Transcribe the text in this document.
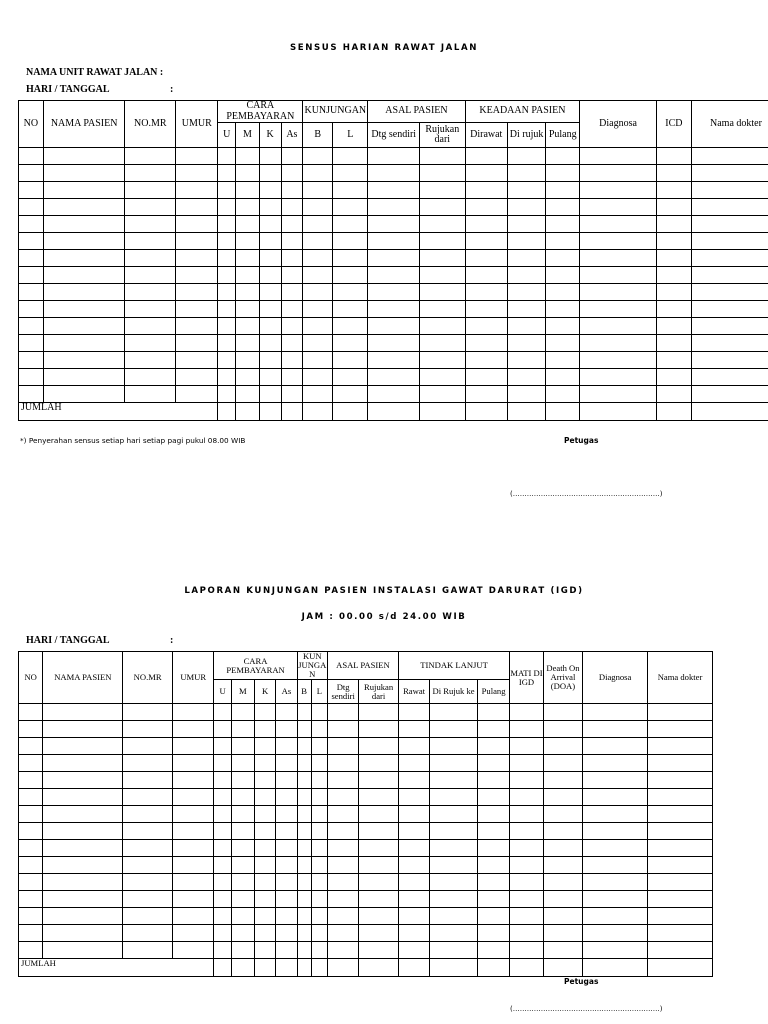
SENSUS HARIAN RAWAT JALAN
NAMA UNIT RAWAT JALAN :
HARI / TANGGAL	:
NO	NAMA PASIEN	NO.MR	UMUR	CARA PEMBAYARAN				KUNJUNGAN		ASAL PASIEN		KEADAAN PASIEN			Diagnosa	ICD	Nama dokter
				U	M	K	As	B	L	Dtg sendiri	Rujukan dari	Dirawat	Di rujuk	Pulang			

JUMLAH																	
*) Penyerahan sensus setiap hari setiap pagi pukul 08.00 WIB	Petugas
(………………………………………………………)
LAPORAN KUNJUNGAN PASIEN INSTALASI GAWAT DARURAT (IGD)
JAM : 00.00 s/d 24.00 WIB
HARI / TANGGAL	:
NO	NAMA PASIEN	NO.MR	UMUR	CARA PEMBAYARAN				KUN JUNGAN		ASAL PASIEN		TINDAK LANJUT			MATI DI IGD	Death On Arrival (DOA)	Diagnosa	Nama dokter
				U	M	K	As	B	L	Dtg sendiri	Rujukan dari	Rawat	Di Rujuk ke	Pulang				

JUMLAH																		
Petugas
(………………………………………………………)
